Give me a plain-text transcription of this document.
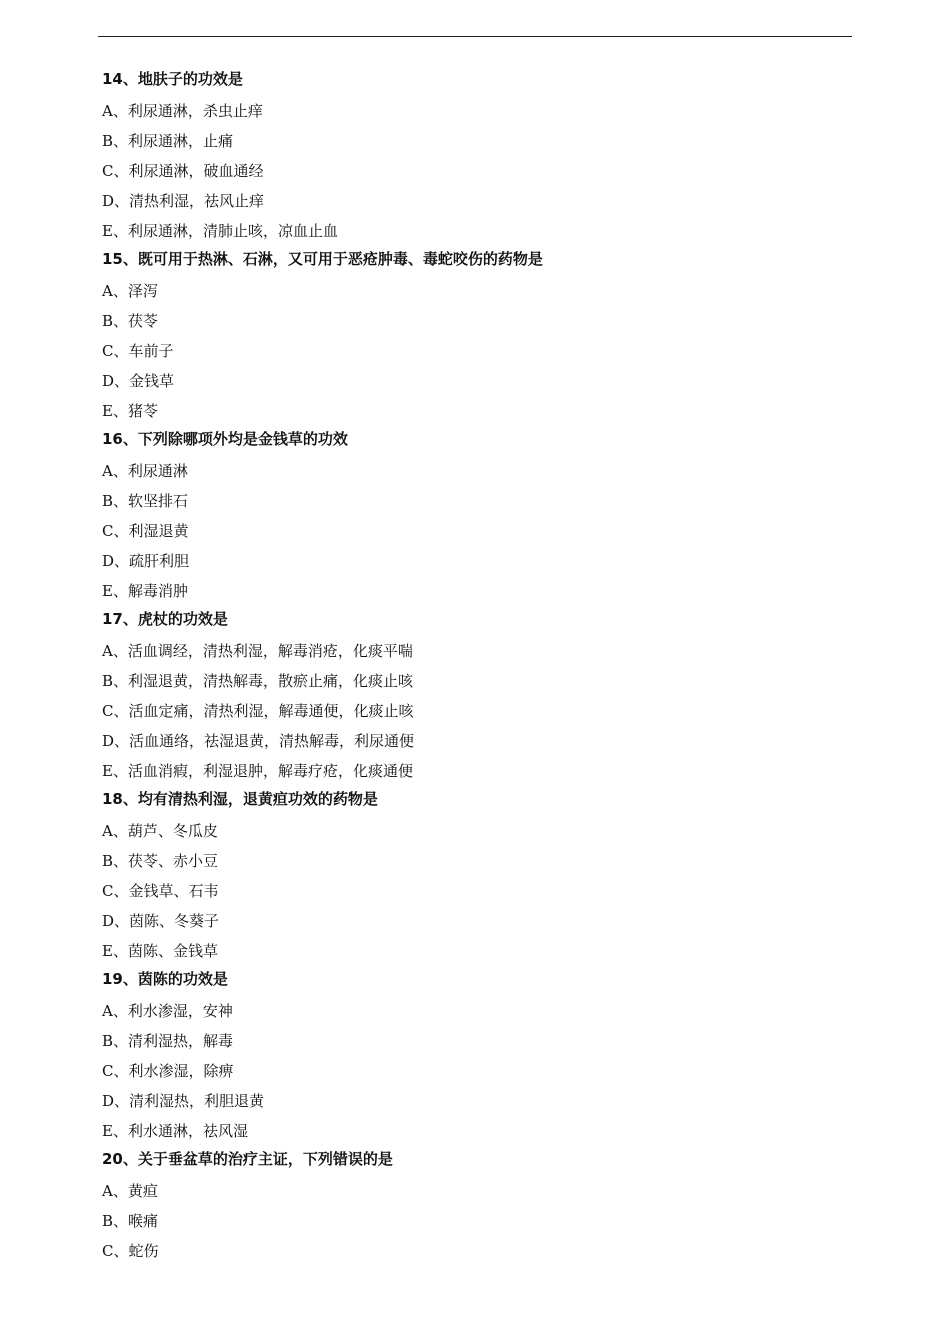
14、地肤子的功效是
A、利尿通淋，杀虫止痒
B、利尿通淋，止痛
C、利尿通淋，破血通经
D、清热利湿，祛风止痒
E、利尿通淋，清肺止咳，凉血止血
15、既可用于热淋、石淋，又可用于恶疮肿毒、毒蛇咬伤的药物是
A、泽泻
B、茯苓
C、车前子
D、金钱草
E、猪苓
16、下列除哪项外均是金钱草的功效
A、利尿通淋
B、软坚排石
C、利湿退黄
D、疏肝利胆
E、解毒消肿
17、虎杖的功效是
A、活血调经，清热利湿，解毒消疮，化痰平喘
B、利湿退黄，清热解毒，散瘀止痛，化痰止咳
C、活血定痛，清热利湿，解毒通便，化痰止咳
D、活血通络，祛湿退黄，清热解毒，利尿通便
E、活血消瘕，利湿退肿，解毒疗疮，化痰通便
18、均有清热利湿，退黄疸功效的药物是
A、葫芦、冬瓜皮
B、茯苓、赤小豆
C、金钱草、石韦
D、茵陈、冬葵子
E、茵陈、金钱草
19、茵陈的功效是
A、利水渗湿，安神
B、清利湿热，解毒
C、利水渗湿，除痹
D、清利湿热，利胆退黄
E、利水通淋，祛风湿
20、关于垂盆草的治疗主证，下列错误的是
A、黄疸
B、喉痛
C、蛇伤
